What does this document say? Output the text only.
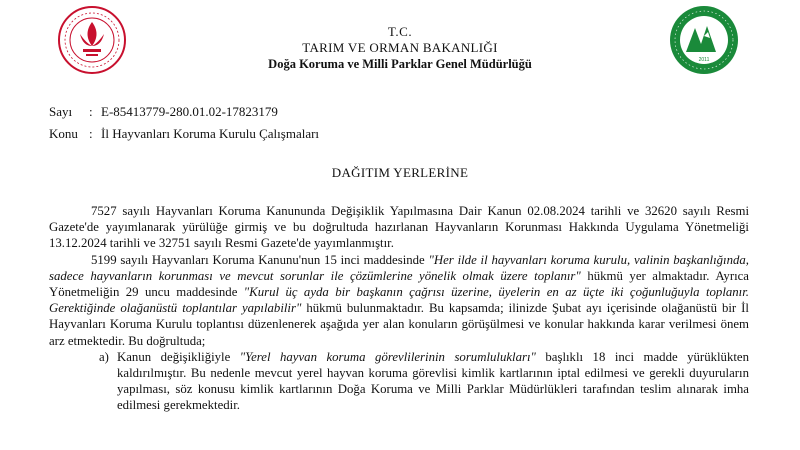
2011
T.C.
TARIM VE ORMAN BAKANLIĞI
Doğa Koruma ve Milli Parklar Genel Müdürlüğü
Sayı : E-85413779-280.01.02-17823179
Konu : İl Hayvanları Koruma Kurulu Çalışmaları
DAĞITIM YERLERİNE

7527 sayılı Hayvanları Koruma Kanununda Değişiklik Yapılmasına Dair Kanun 02.08.2024 tarihli ve 32620 sayılı Resmi Gazete'de yayımlanarak yürülüğe girmiş ve bu doğrultuda hazırlanan Hayvanların Korunması Hakkında Uygulama Yönetmeliği 13.12.2024 tarihli ve 32751 sayılı Resmi Gazete'de yayımlanmıştır.

5199 sayılı Hayvanları Koruma Kanunu'nun 15 inci maddesinde "Her ilde il hayvanları koruma kurulu, valinin başkanlığında, sadece hayvanların korunması ve mevcut sorunlar ile çözümlerine yönelik olmak üzere toplanır" hükmü yer almaktadır. Ayrıca Yönetmeliğin 29 uncu maddesinde "Kurul üç ayda bir başkanın çağrısı üzerine, üyelerin en az üçte iki çoğunluğuyla toplanır. Gerektiğinde olağanüstü toplantılar yapılabilir" hükmü bulunmaktadır. Bu kapsamda; ilinizde Şubat ayı içerisinde olağanüstü bir İl Hayvanları Koruma Kurulu toplantısı düzenlenerek aşağıda yer alan konuların görüşülmesi ve konular hakkında karar verilmesi önem arz etmektedir. Bu doğrultuda;

a) Kanun değişikliğiyle "Yerel hayvan koruma görevlilerinin sorumlulukları" başlıklı 18 inci madde yürüklükten kaldırılmıştır. Bu nedenle mevcut yerel hayvan koruma görevlisi kimlik kartlarının iptal edilmesi ve gerekli duyuruların yapılması, söz konusu kimlik kartlarının Doğa Koruma ve Milli Parklar Müdürlükleri tarafından teslim alınarak imha edilmesi gerekmektedir.
